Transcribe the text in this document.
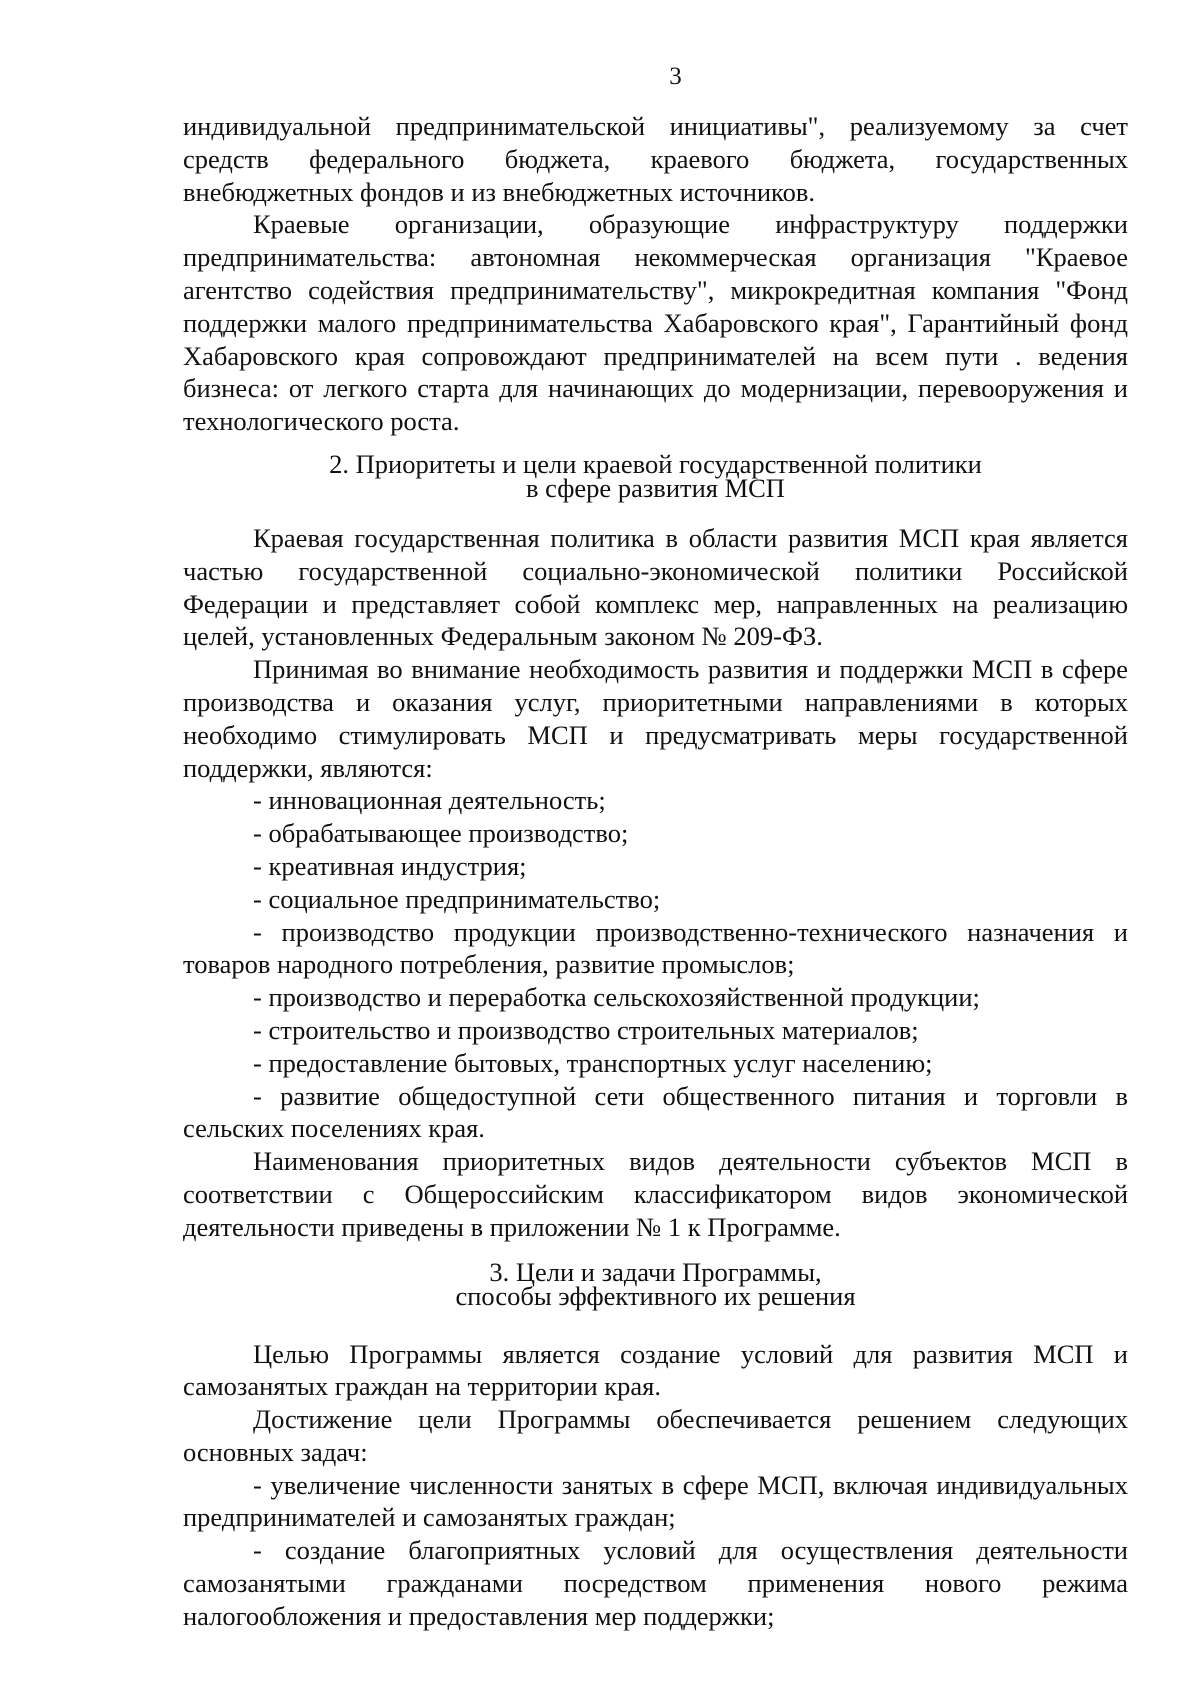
3

индивидуальной предпринимательской инициативы", реализуемому за счет средств федерального бюджета, краевого бюджета, государственных внебюджетных фондов и из внебюджетных источников.

Краевые организации, образующие инфраструктуру поддержки предпринимательства: автономная некоммерческая организация "Краевое агентство содействия предпринимательству", микрокредитная компания "Фонд поддержки малого предпринимательства Хабаровского края", Гарантийный фонд Хабаровского края сопровождают предпринимателей на всем пути . ведения бизнеса: от легкого старта для начинающих до модернизации, перевооружения и технологического роста.

2. Приоритеты и цели краевой государственной политики
в сфере развития МСП

Краевая государственная политика в области развития МСП края является частью государственной социально-экономической политики Российской Федерации и представляет собой комплекс мер, направленных на реализацию целей, установленных Федеральным законом № 209-ФЗ.

Принимая во внимание необходимость развития и поддержки МСП в сфере производства и оказания услуг, приоритетными направлениями в которых необходимо стимулировать МСП и предусматривать меры государственной поддержки, являются:

- инновационная деятельность;

- обрабатывающее производство;

- креативная индустрия;

- социальное предпринимательство;

- производство продукции производственно-технического назначения и товаров народного потребления, развитие промыслов;

- производство и переработка сельскохозяйственной продукции;

- строительство и производство строительных материалов;

- предоставление бытовых, транспортных услуг населению;

- развитие общедоступной сети общественного питания и торговли в сельских поселениях края.

Наименования приоритетных видов деятельности субъектов МСП в соответствии с Общероссийским классификатором видов экономической деятельности приведены в приложении № 1 к Программе.

3. Цели и задачи Программы,
способы эффективного их решения

Целью Программы является создание условий для развития МСП и самозанятых граждан на территории края.

Достижение цели Программы обеспечивается решением следующих основных задач:

- увеличение численности занятых в сфере МСП, включая индивидуальных предпринимателей и самозанятых граждан;

- создание благоприятных условий для осуществления деятельности самозанятыми гражданами посредством применения нового режима налогообложения и предоставления мер поддержки;
